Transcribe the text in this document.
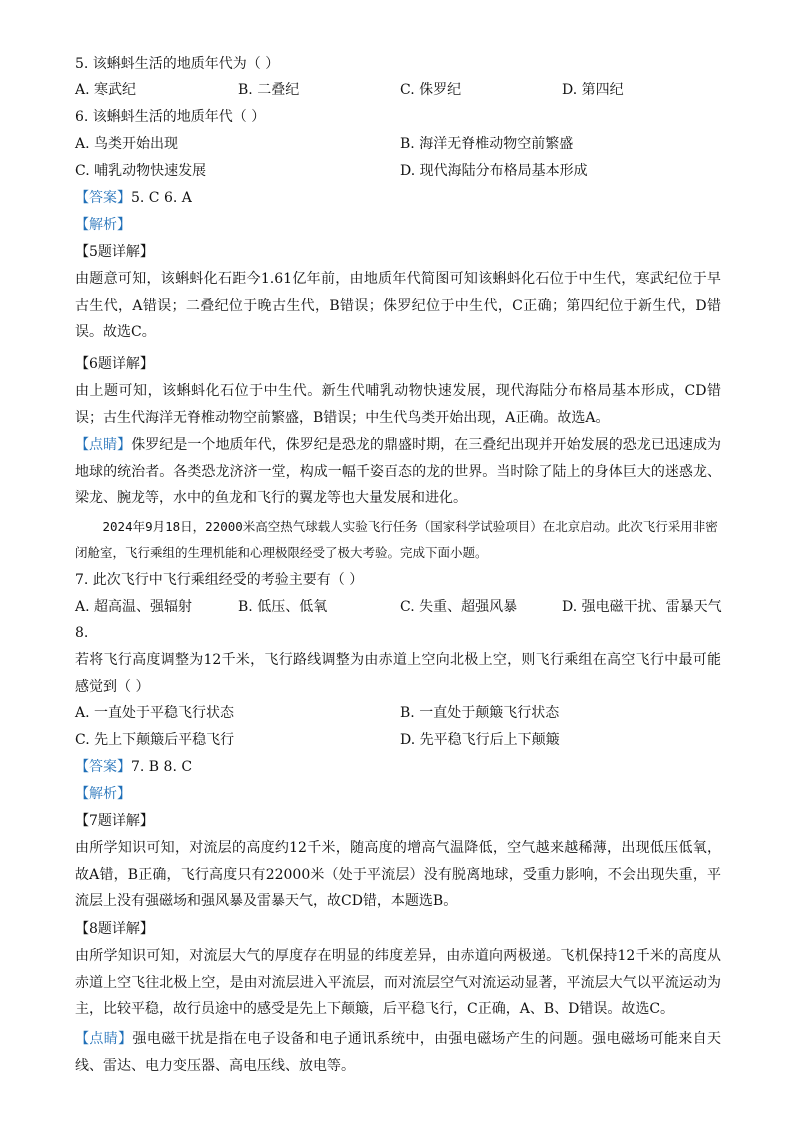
5. 该蝌蚪生活的地质年代为（ ）
A. 寒武纪	B. 二叠纪	C. 侏罗纪	D. 第四纪
6. 该蝌蚪生活的地质年代（ ）
A. 鸟类开始出现	B. 海洋无脊椎动物空前繁盛
C. 哺乳动物快速发展	D. 现代海陆分布格局基本形成
【答案】5. C 6. A
【解析】
【5题详解】
由题意可知，该蝌蚪化石距今1.61亿年前，由地质年代简图可知该蝌蚪化石位于中生代，寒武纪位于早古生代，A错误；二叠纪位于晚古生代，B错误；侏罗纪位于中生代，C正确；第四纪位于新生代，D错误。故选C。
【6题详解】
由上题可知，该蝌蚪化石位于中生代。新生代哺乳动物快速发展，现代海陆分布格局基本形成，CD错误；古生代海洋无脊椎动物空前繁盛，B错误；中生代鸟类开始出现，A正确。故选A。
【点睛】侏罗纪是一个地质年代，侏罗纪是恐龙的鼎盛时期，在三叠纪出现并开始发展的恐龙已迅速成为地球的统治者。各类恐龙济济一堂，构成一幅千姿百态的龙的世界。当时除了陆上的身体巨大的迷惑龙、梁龙、腕龙等，水中的鱼龙和飞行的翼龙等也大量发展和进化。
2024年9月18日，22000米高空热气球载人实验飞行任务（国家科学试验项目）在北京启动。此次飞行采用非密闭舱室，飞行乘组的生理机能和心理极限经受了极大考验。完成下面小题。
7. 此次飞行中飞行乘组经受的考验主要有（ ）
A. 超高温、强辐射	B. 低压、低氧	C. 失重、超强风暴	D. 强电磁干扰、雷暴天气
8.
若将飞行高度调整为12千米，飞行路线调整为由赤道上空向北极上空，则飞行乘组在高空飞行中最可能感觉到（ ）
A. 一直处于平稳飞行状态	B. 一直处于颠簸飞行状态
C. 先上下颠簸后平稳飞行	D. 先平稳飞行后上下颠簸
【答案】7. B 8. C
【解析】
【7题详解】
由所学知识可知，对流层的高度约12千米，随高度的增高气温降低，空气越来越稀薄，出现低压低氧，故A错，B正确，飞行高度只有22000米（处于平流层）没有脱离地球，受重力影响，不会出现失重，平流层上没有强磁场和强风暴及雷暴天气，故CD错，本题选B。
【8题详解】
由所学知识可知，对流层大气的厚度存在明显的纬度差异，由赤道向两极递。飞机保持12千米的高度从赤道上空飞往北极上空，是由对流层进入平流层，而对流层空气对流运动显著，平流层大气以平流运动为主，比较平稳，故行员途中的感受是先上下颠簸，后平稳飞行，C正确，A、B、D错误。故选C。
【点睛】强电磁干扰是指在电子设备和电子通讯系统中，由强电磁场产生的问题。强电磁场可能来自天线、雷达、电力变压器、高电压线、放电等。
